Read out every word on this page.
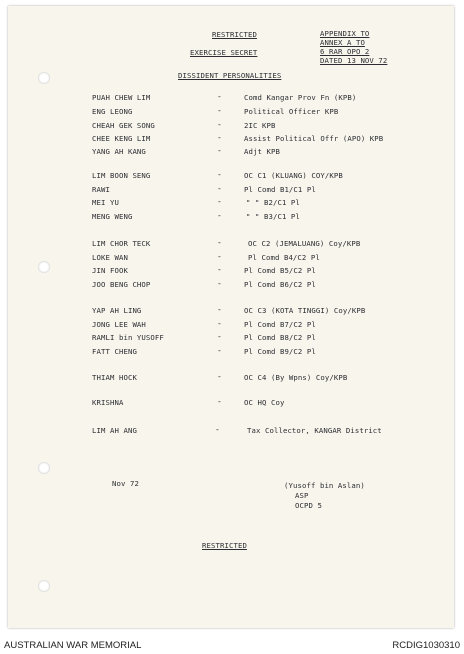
RESTRICTED
EXERCISE SECRET
APPENDIX TO
ANNEX A TO
6 RAR OPO 2
DATED 13 NOV 72
DISSIDENT PERSONALITIES
PUAH CHEW LIM	-	Comd Kangar Prov Fn (KPB)
ENG LEONG	-	Political Officer KPB
CHEAH GEK SONG	-	2IC KPB
CHEE KENG LIM	-	Assist Political Offr (APO) KPB
YANG AH KANG	-	Adjt KPB
LIM BOON SENG	-	OC C1 (KLUANG) COY/KPB
RAWI	-	Pl Comd B1/C1 Pl
MEI YU	-	" " B2/C1 Pl
MENG WENG	-	" " B3/C1 Pl
LIM CHOR TECK	-	OC C2 (JEMALUANG) Coy/KPB
LOKE WAN	-	Pl Comd B4/C2 Pl
JIN FOOK	-	Pl Comd B5/C2 Pl
JOO BENG CHOP	-	Pl Comd B6/C2 Pl
YAP AH LING	-	OC C3 (KOTA TINGGI) Coy/KPB
JONG LEE WAH	-	Pl Comd B7/C2 Pl
RAMLI bin YUSOFF	-	Pl Comd B8/C2 Pl
FATT CHENG	-	Pl Comd B9/C2 Pl
THIAM HOCK	-	OC C4 (By Wpns) Coy/KPB
KRISHNA	-	OC HQ Coy
LIM AH ANG	-	Tax Collector, KANGAR District
Nov 72	(Yusoff bin Aslan)
ASP
OCPD 5
RESTRICTED
AUSTRALIAN WAR MEMORIAL	RCDIG1030310
